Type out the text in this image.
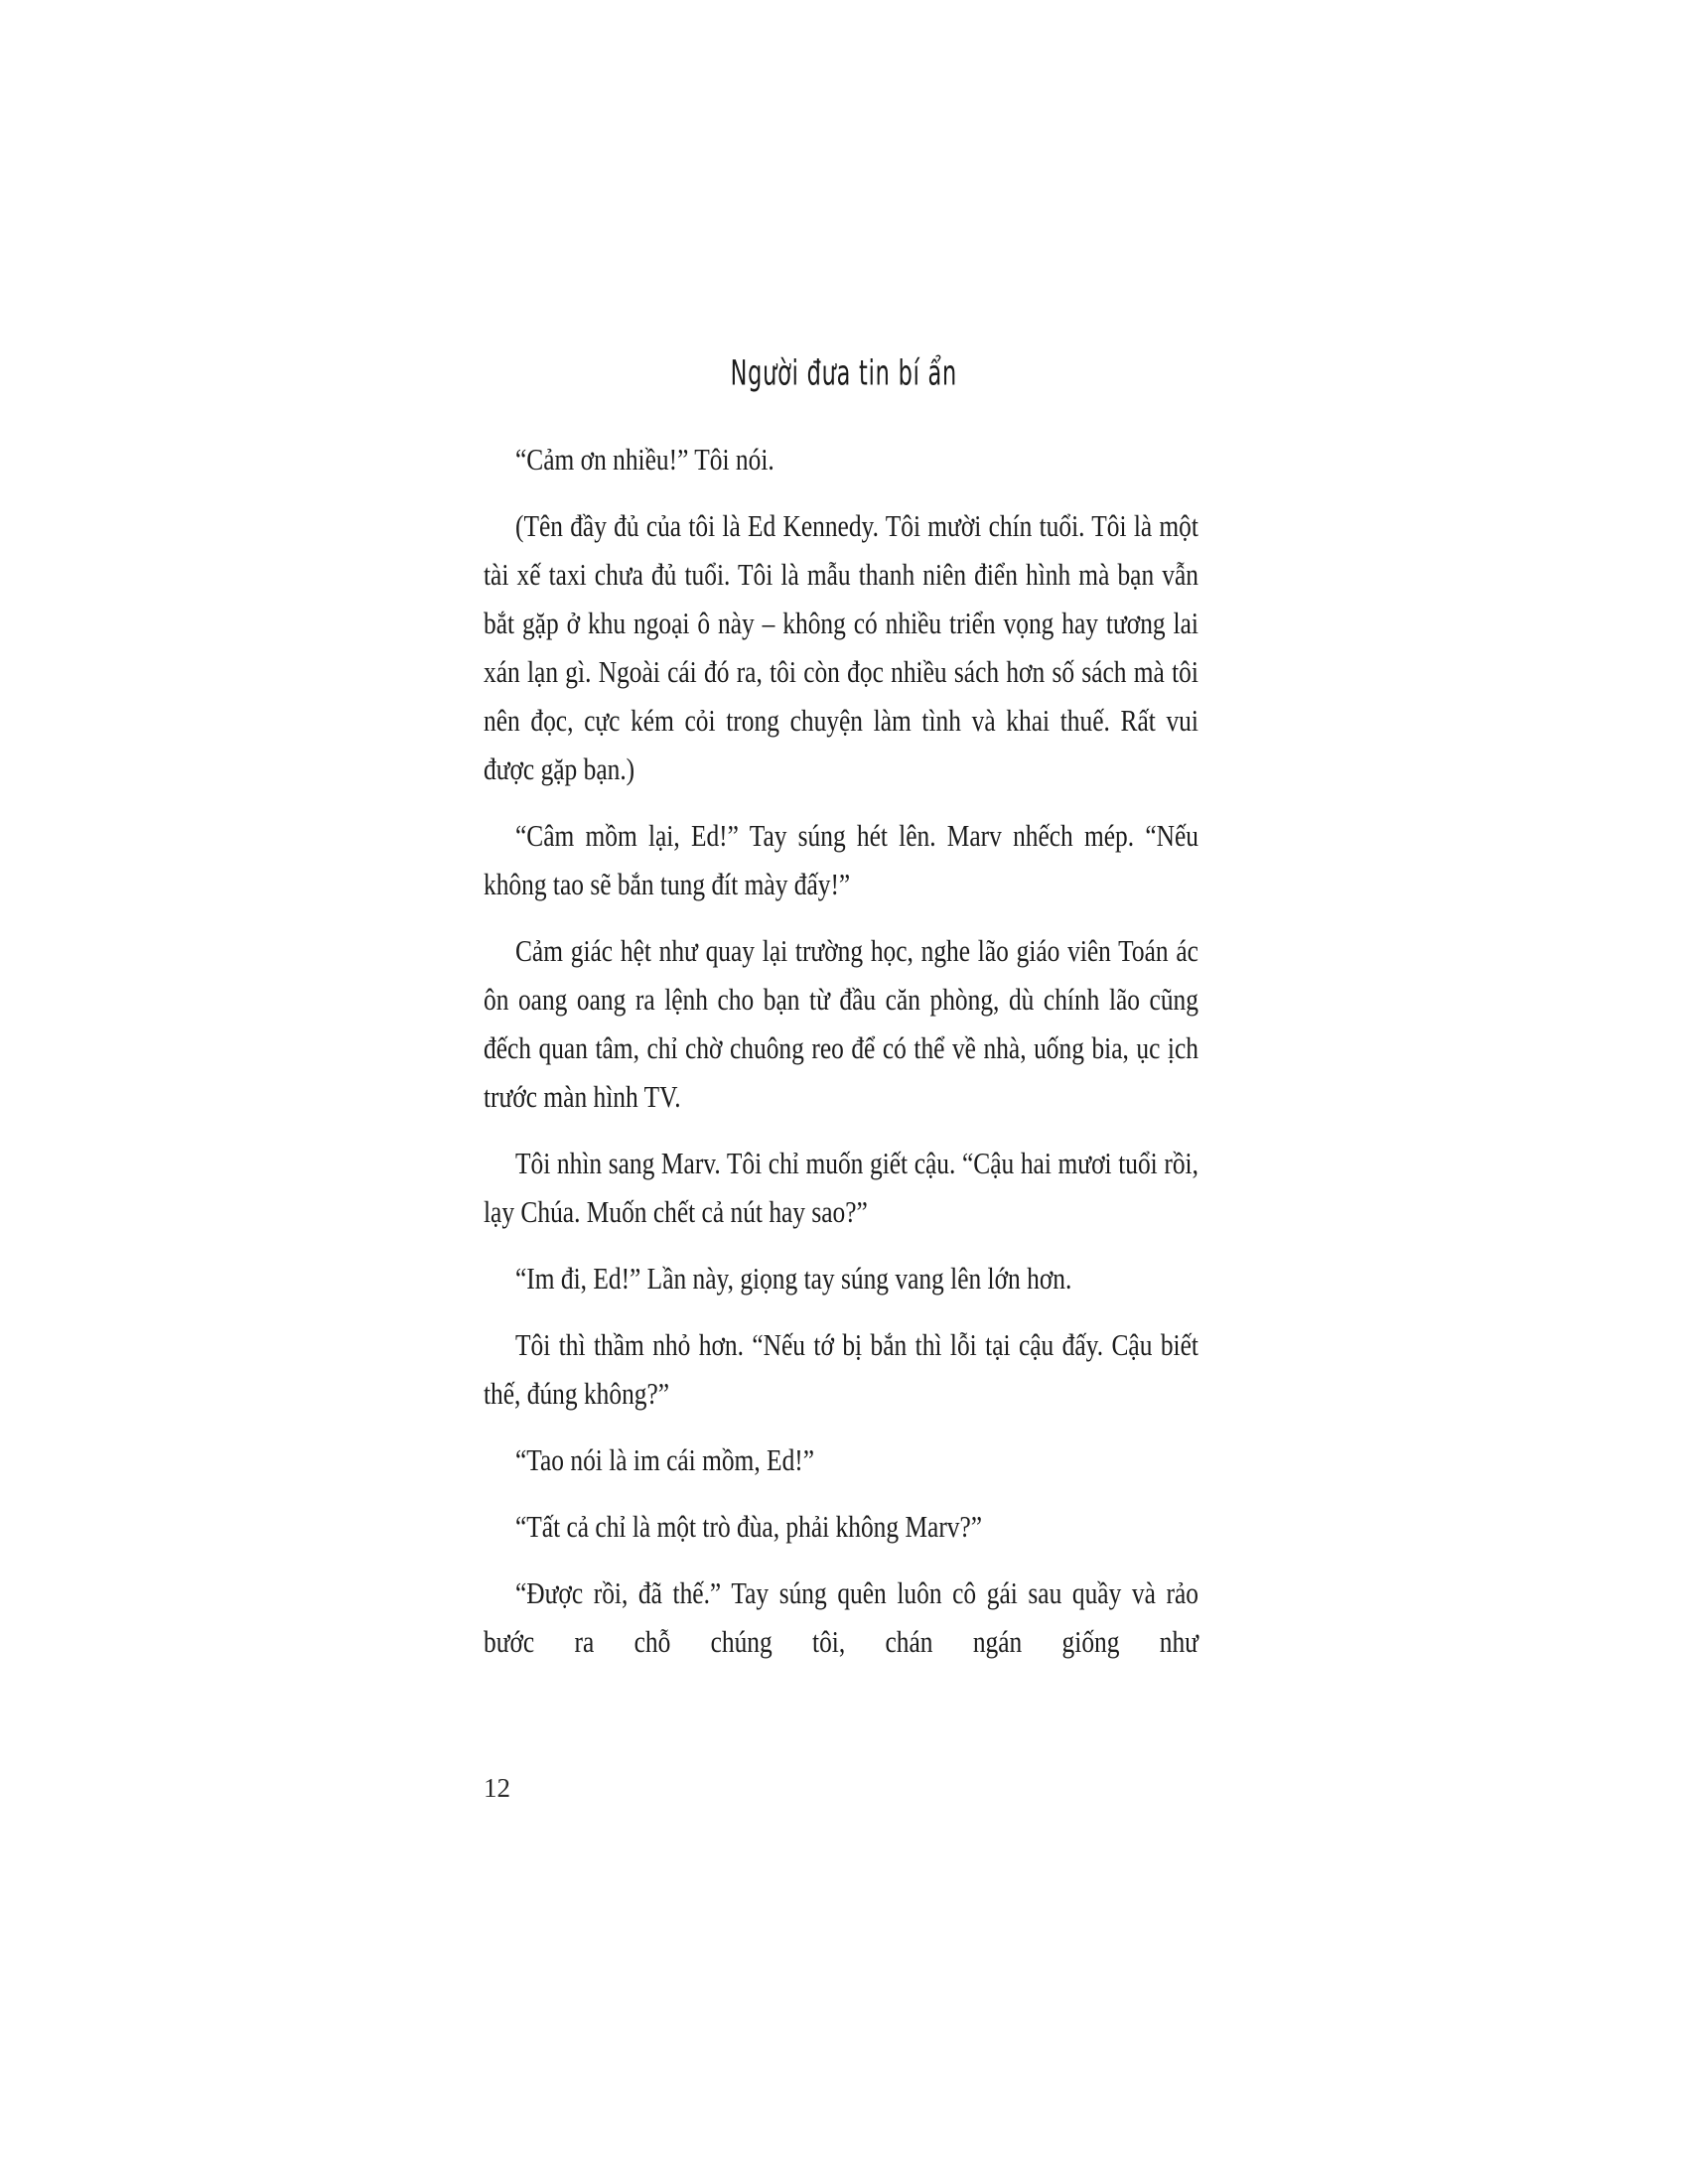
Người đưa tin bí ẩn

“Cảm ơn nhiều!” Tôi nói.

(Tên đầy đủ của tôi là Ed Kennedy. Tôi mười chín tuổi. Tôi là một tài xế taxi chưa đủ tuổi. Tôi là mẫu thanh niên điển hình mà bạn vẫn bắt gặp ở khu ngoại ô này – không có nhiều triển vọng hay tương lai xán lạn gì. Ngoài cái đó ra, tôi còn đọc nhiều sách hơn số sách mà tôi nên đọc, cực kém cỏi trong chuyện làm tình và khai thuế. Rất vui được gặp bạn.)

“Câm mồm lại, Ed!” Tay súng hét lên. Marv nhếch mép. “Nếu không tao sẽ bắn tung đít mày đấy!”

Cảm giác hệt như quay lại trường học, nghe lão giáo viên Toán ác ôn oang oang ra lệnh cho bạn từ đầu căn phòng, dù chính lão cũng đếch quan tâm, chỉ chờ chuông reo để có thể về nhà, uống bia, ục ịch trước màn hình TV.

Tôi nhìn sang Marv. Tôi chỉ muốn giết cậu. “Cậu hai mươi tuổi rồi, lạy Chúa. Muốn chết cả nút hay sao?”

“Im đi, Ed!” Lần này, giọng tay súng vang lên lớn hơn.

Tôi thì thầm nhỏ hơn. “Nếu tớ bị bắn thì lỗi tại cậu đấy. Cậu biết thế, đúng không?”

“Tao nói là im cái mồm, Ed!”

“Tất cả chỉ là một trò đùa, phải không Marv?”

“Được rồi, đã thế.” Tay súng quên luôn cô gái sau quầy và rảo bước ra chỗ chúng tôi, chán ngán giống như

12
